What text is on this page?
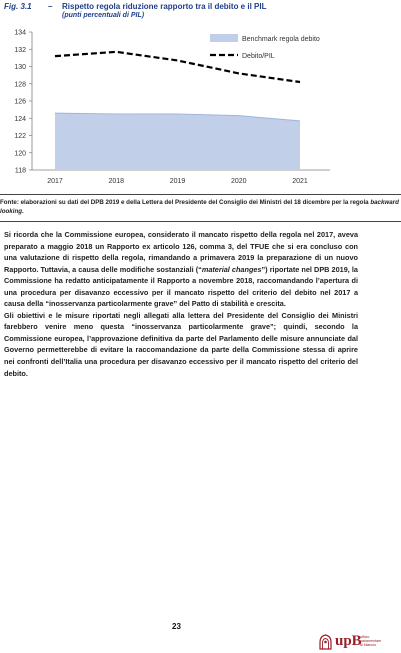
Fig. 3.1 – Rispetto regola riduzione rapporto tra il debito e il PIL
(punti percentuali di PIL)
134
132
130
128
126
124
122
120
118
2017	2018	2019	2020	2021
Benchmark regola debito
Debito/PIL
Fonte: elaborazioni su dati del DPB 2019 e della Lettera del Presidente del Consiglio dei Ministri del 18 dicembre per la regola backward looking.

Si ricorda che la Commissione europea, considerato il mancato rispetto della regola nel 2017, aveva preparato a maggio 2018 un Rapporto ex articolo 126, comma 3, del TFUE che si era concluso con una valutazione di rispetto della regola, rimandando a primavera 2019 la preparazione di un nuovo Rapporto. Tuttavia, a causa delle modifiche sostanziali (“material changes”) riportate nel DPB 2019, la Commissione ha redatto anticipatamente il Rapporto a novembre 2018, raccomandando l’apertura di una procedura per disavanzo eccessivo per il mancato rispetto del criterio del debito nel 2017 a causa della “inosservanza particolarmente grave” del Patto di stabilità e crescita.

Gli obiettivi e le misure riportati negli allegati alla lettera del Presidente del Consiglio dei Ministri farebbero venire meno questa “inosservanza particolarmente grave”; quindi, secondo la Commissione europea, l’approvazione definitiva da parte del Parlamento delle misure annunciate dal Governo permetterebbe di evitare la raccomandazione da parte della Commissione stessa di aprire nei confronti dell’Italia una procedura per disavanzo eccessivo per il mancato rispetto del criterio del debito.

23
upB
ufficio
parlamentare
di bilancio
